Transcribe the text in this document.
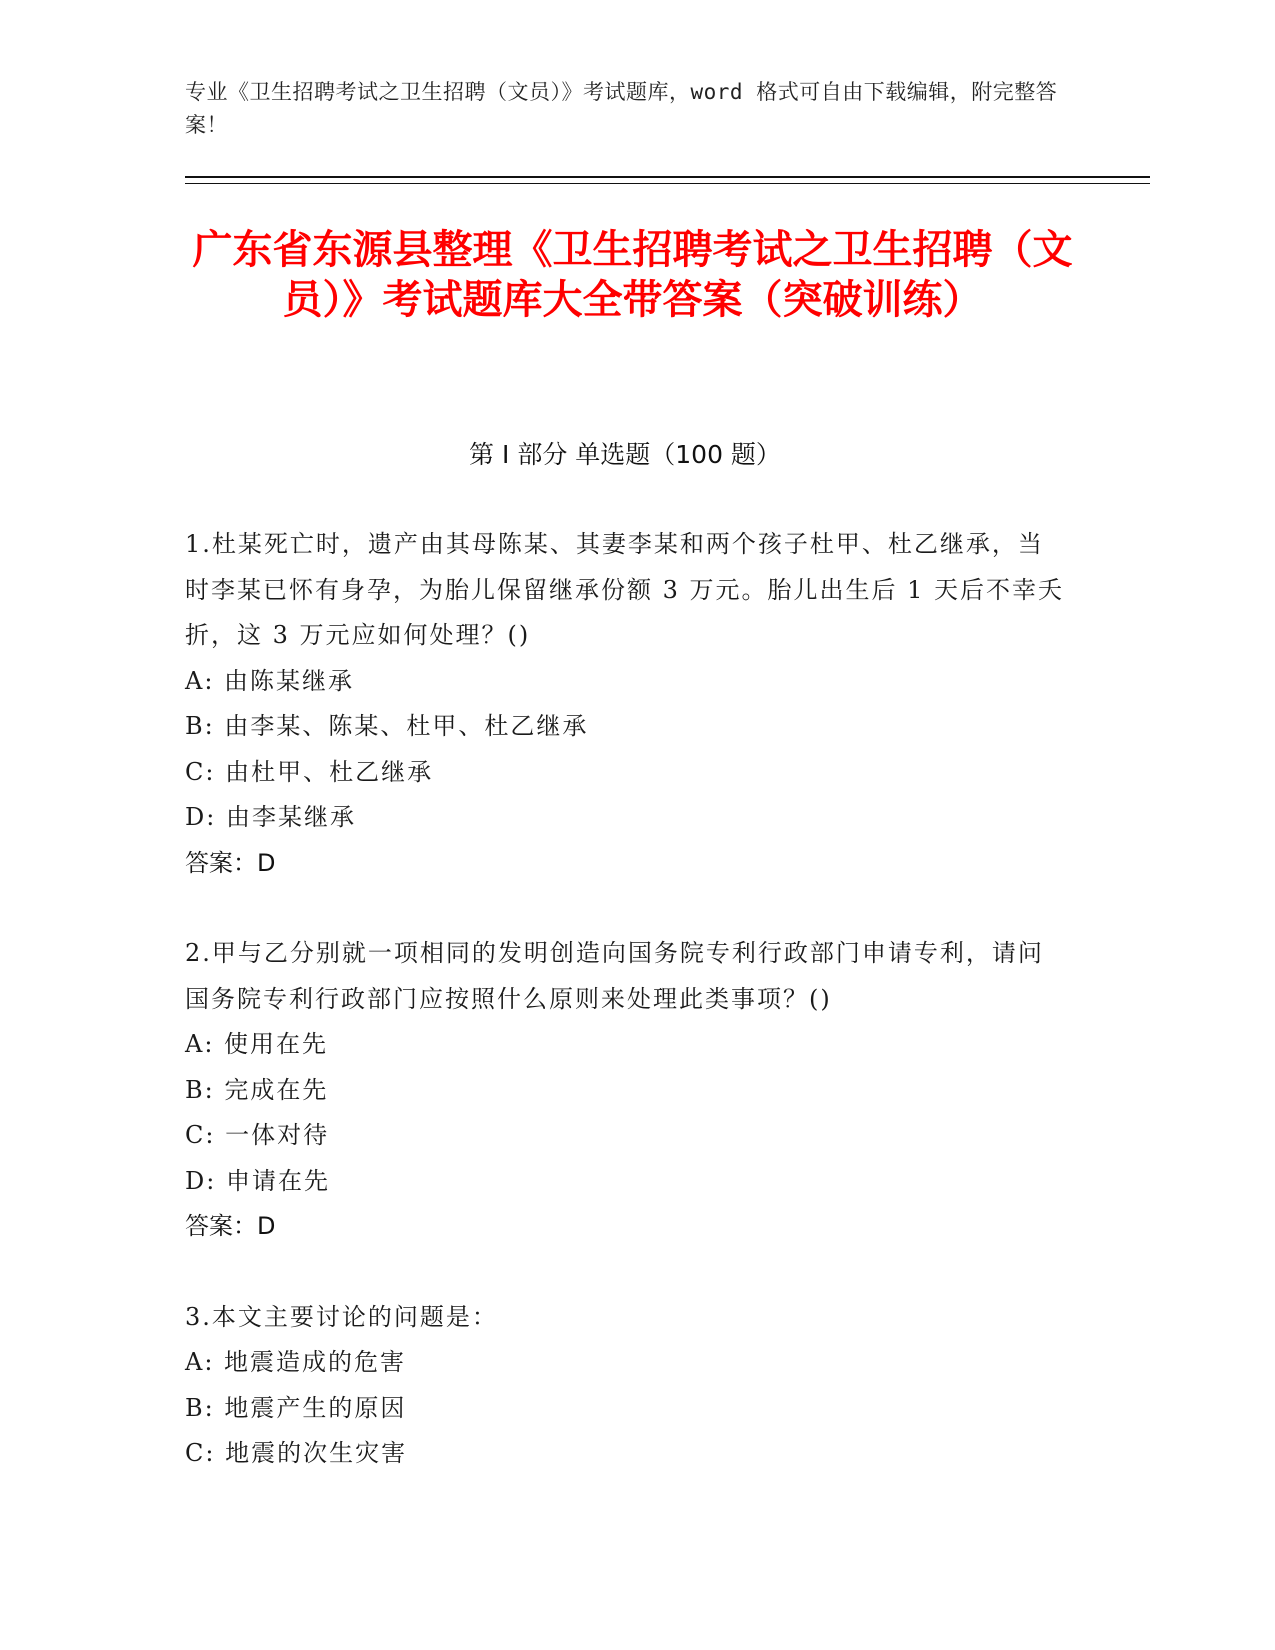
专业《卫生招聘考试之卫生招聘（文员）》考试题库，word 格式可自由下载编辑，附完整答案！
广东省东源县整理《卫生招聘考试之卫生招聘（文员）》考试题库大全带答案（突破训练）
第 I 部分 单选题（100 题）

1.杜某死亡时，遗产由其母陈某、其妻李某和两个孩子杜甲、杜乙继承，当时李某已怀有身孕，为胎儿保留继承份额 3 万元。胎儿出生后 1 天后不幸夭折，这 3 万元应如何处理？()

A: 由陈某继承

B: 由李某、陈某、杜甲、杜乙继承

C: 由杜甲、杜乙继承

D: 由李某继承

答案：D

2.甲与乙分别就一项相同的发明创造向国务院专利行政部门申请专利，请问国务院专利行政部门应按照什么原则来处理此类事项？()

A: 使用在先

B: 完成在先

C: 一体对待

D: 申请在先

答案：D

3.本文主要讨论的问题是：

A: 地震造成的危害

B: 地震产生的原因

C: 地震的次生灾害
